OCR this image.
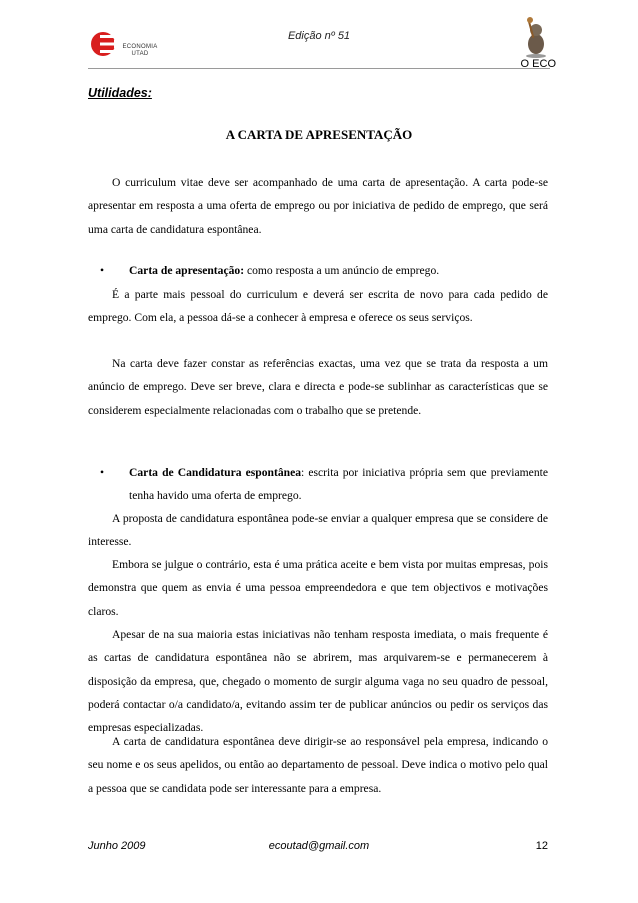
ECONOMIA
UTAD
Edição nº 51
O ECO
Utilidades:
A CARTA DE APRESENTAÇÃO
O curriculum vitae deve ser acompanhado de uma carta de apresentação. A carta pode-se apresentar em resposta a uma oferta de emprego ou por iniciativa de pedido de emprego, que será uma carta de candidatura espontânea.
•	Carta de apresentação: como resposta a um anúncio de emprego.
É a parte mais pessoal do curriculum e deverá ser escrita de novo para cada pedido de emprego. Com ela, a pessoa dá-se a conhecer à empresa e oferece os seus serviços.
Na carta deve fazer constar as referências exactas, uma vez que se trata da resposta a um anúncio de emprego. Deve ser breve, clara e directa e pode-se sublinhar as características que se considerem especialmente relacionadas com o trabalho que se pretende.
•	Carta de Candidatura espontânea: escrita por iniciativa própria sem que previamente tenha havido uma oferta de emprego.
A proposta de candidatura espontânea pode-se enviar a qualquer empresa que se considere de interesse.
Embora se julgue o contrário, esta é uma prática aceite e bem vista por muitas empresas, pois demonstra que quem as envia é uma pessoa empreendedora e que tem objectivos e motivações claros.
Apesar de na sua maioria estas iniciativas não tenham resposta imediata, o mais frequente é as cartas de candidatura espontânea não se abrirem, mas arquivarem-se e permanecerem à disposição da empresa, que, chegado o momento de surgir alguma vaga no seu quadro de pessoal, poderá contactar o/a candidato/a, evitando assim ter de publicar anúncios ou pedir os serviços das empresas especializadas.
A carta de candidatura espontânea deve dirigir-se ao responsável pela empresa, indicando o seu nome e os seus apelidos, ou então ao departamento de pessoal. Deve indica o motivo pelo qual a pessoa que se candidata pode ser interessante para a empresa.
Junho 2009	ecoutad@gmail.com	12
